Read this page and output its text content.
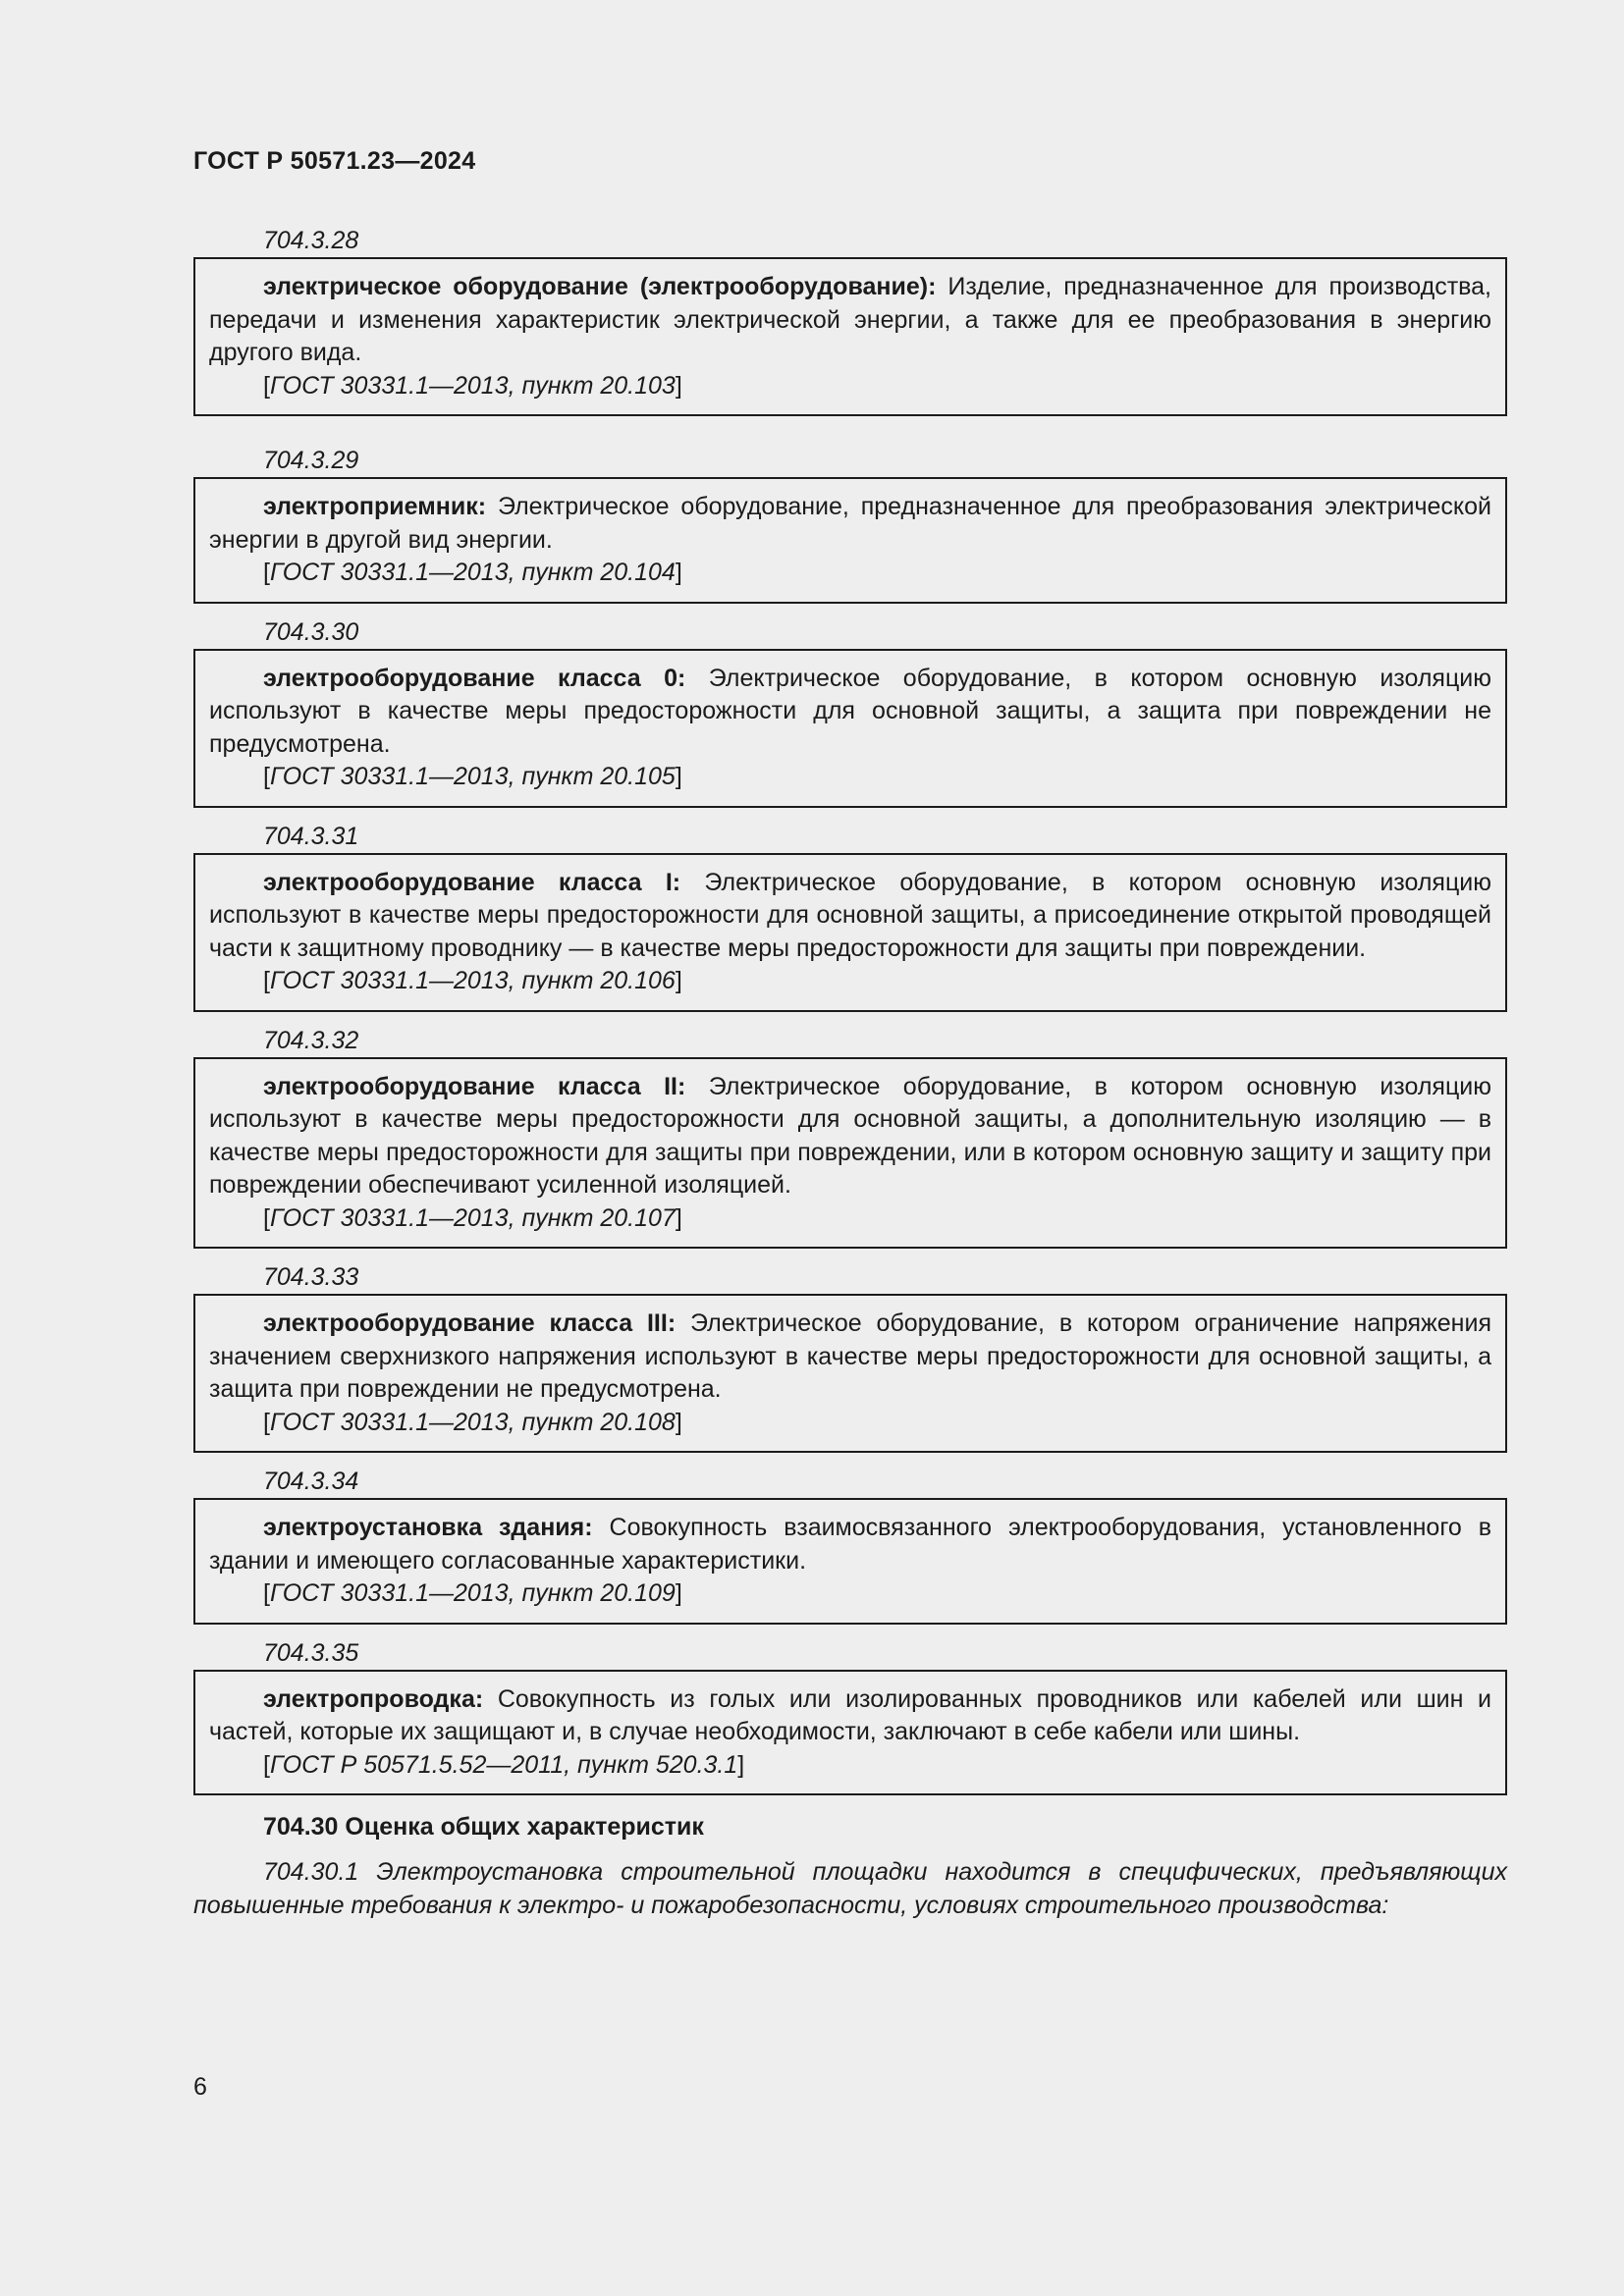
ГОСТ Р 50571.23—2024
704.3.28

электрическое оборудование (электрооборудование): Изделие, предназначенное для производства, передачи и изменения характеристик электрической энергии, а также для ее преобразования в энергию другого вида.

[ГОСТ 30331.1—2013, пункт 20.103]

704.3.29

электроприемник: Электрическое оборудование, предназначенное для преобразования электрической энергии в другой вид энергии.

[ГОСТ 30331.1—2013, пункт 20.104]

704.3.30

электрооборудование класса 0: Электрическое оборудование, в котором основную изоляцию используют в качестве меры предосторожности для основной защиты, а защита при повреждении не предусмотрена.

[ГОСТ 30331.1—2013, пункт 20.105]

704.3.31

электрооборудование класса I: Электрическое оборудование, в котором основную изоляцию используют в качестве меры предосторожности для основной защиты, а присоединение открытой проводящей части к защитному проводнику — в качестве меры предосторожности для защиты при повреждении.

[ГОСТ 30331.1—2013, пункт 20.106]

704.3.32

электрооборудование класса II: Электрическое оборудование, в котором основную изоляцию используют в качестве меры предосторожности для основной защиты, а дополнительную изоляцию — в качестве меры предосторожности для защиты при повреждении, или в котором основную защиту и защиту при повреждении обеспечивают усиленной изоляцией.

[ГОСТ 30331.1—2013, пункт 20.107]

704.3.33

электрооборудование класса III: Электрическое оборудование, в котором ограничение напряжения значением сверхнизкого напряжения используют в качестве меры предосторожности для основной защиты, а защита при повреждении не предусмотрена.

[ГОСТ 30331.1—2013, пункт 20.108]

704.3.34

электроустановка здания: Совокупность взаимосвязанного электрооборудования, установленного в здании и имеющего согласованные характеристики.

[ГОСТ 30331.1—2013, пункт 20.109]

704.3.35

электропроводка: Совокупность из голых или изолированных проводников или кабелей или шин и частей, которые их защищают и, в случае необходимости, заключают в себе кабели или шины.

[ГОСТ Р 50571.5.52—2011, пункт 520.3.1]

704.30 Оценка общих характеристик
704.30.1 Электроустановка строительной площадки находится в специфических, предъявляющих повышенные требования к электро- и пожаробезопасности, условиях строительного производства:
6
